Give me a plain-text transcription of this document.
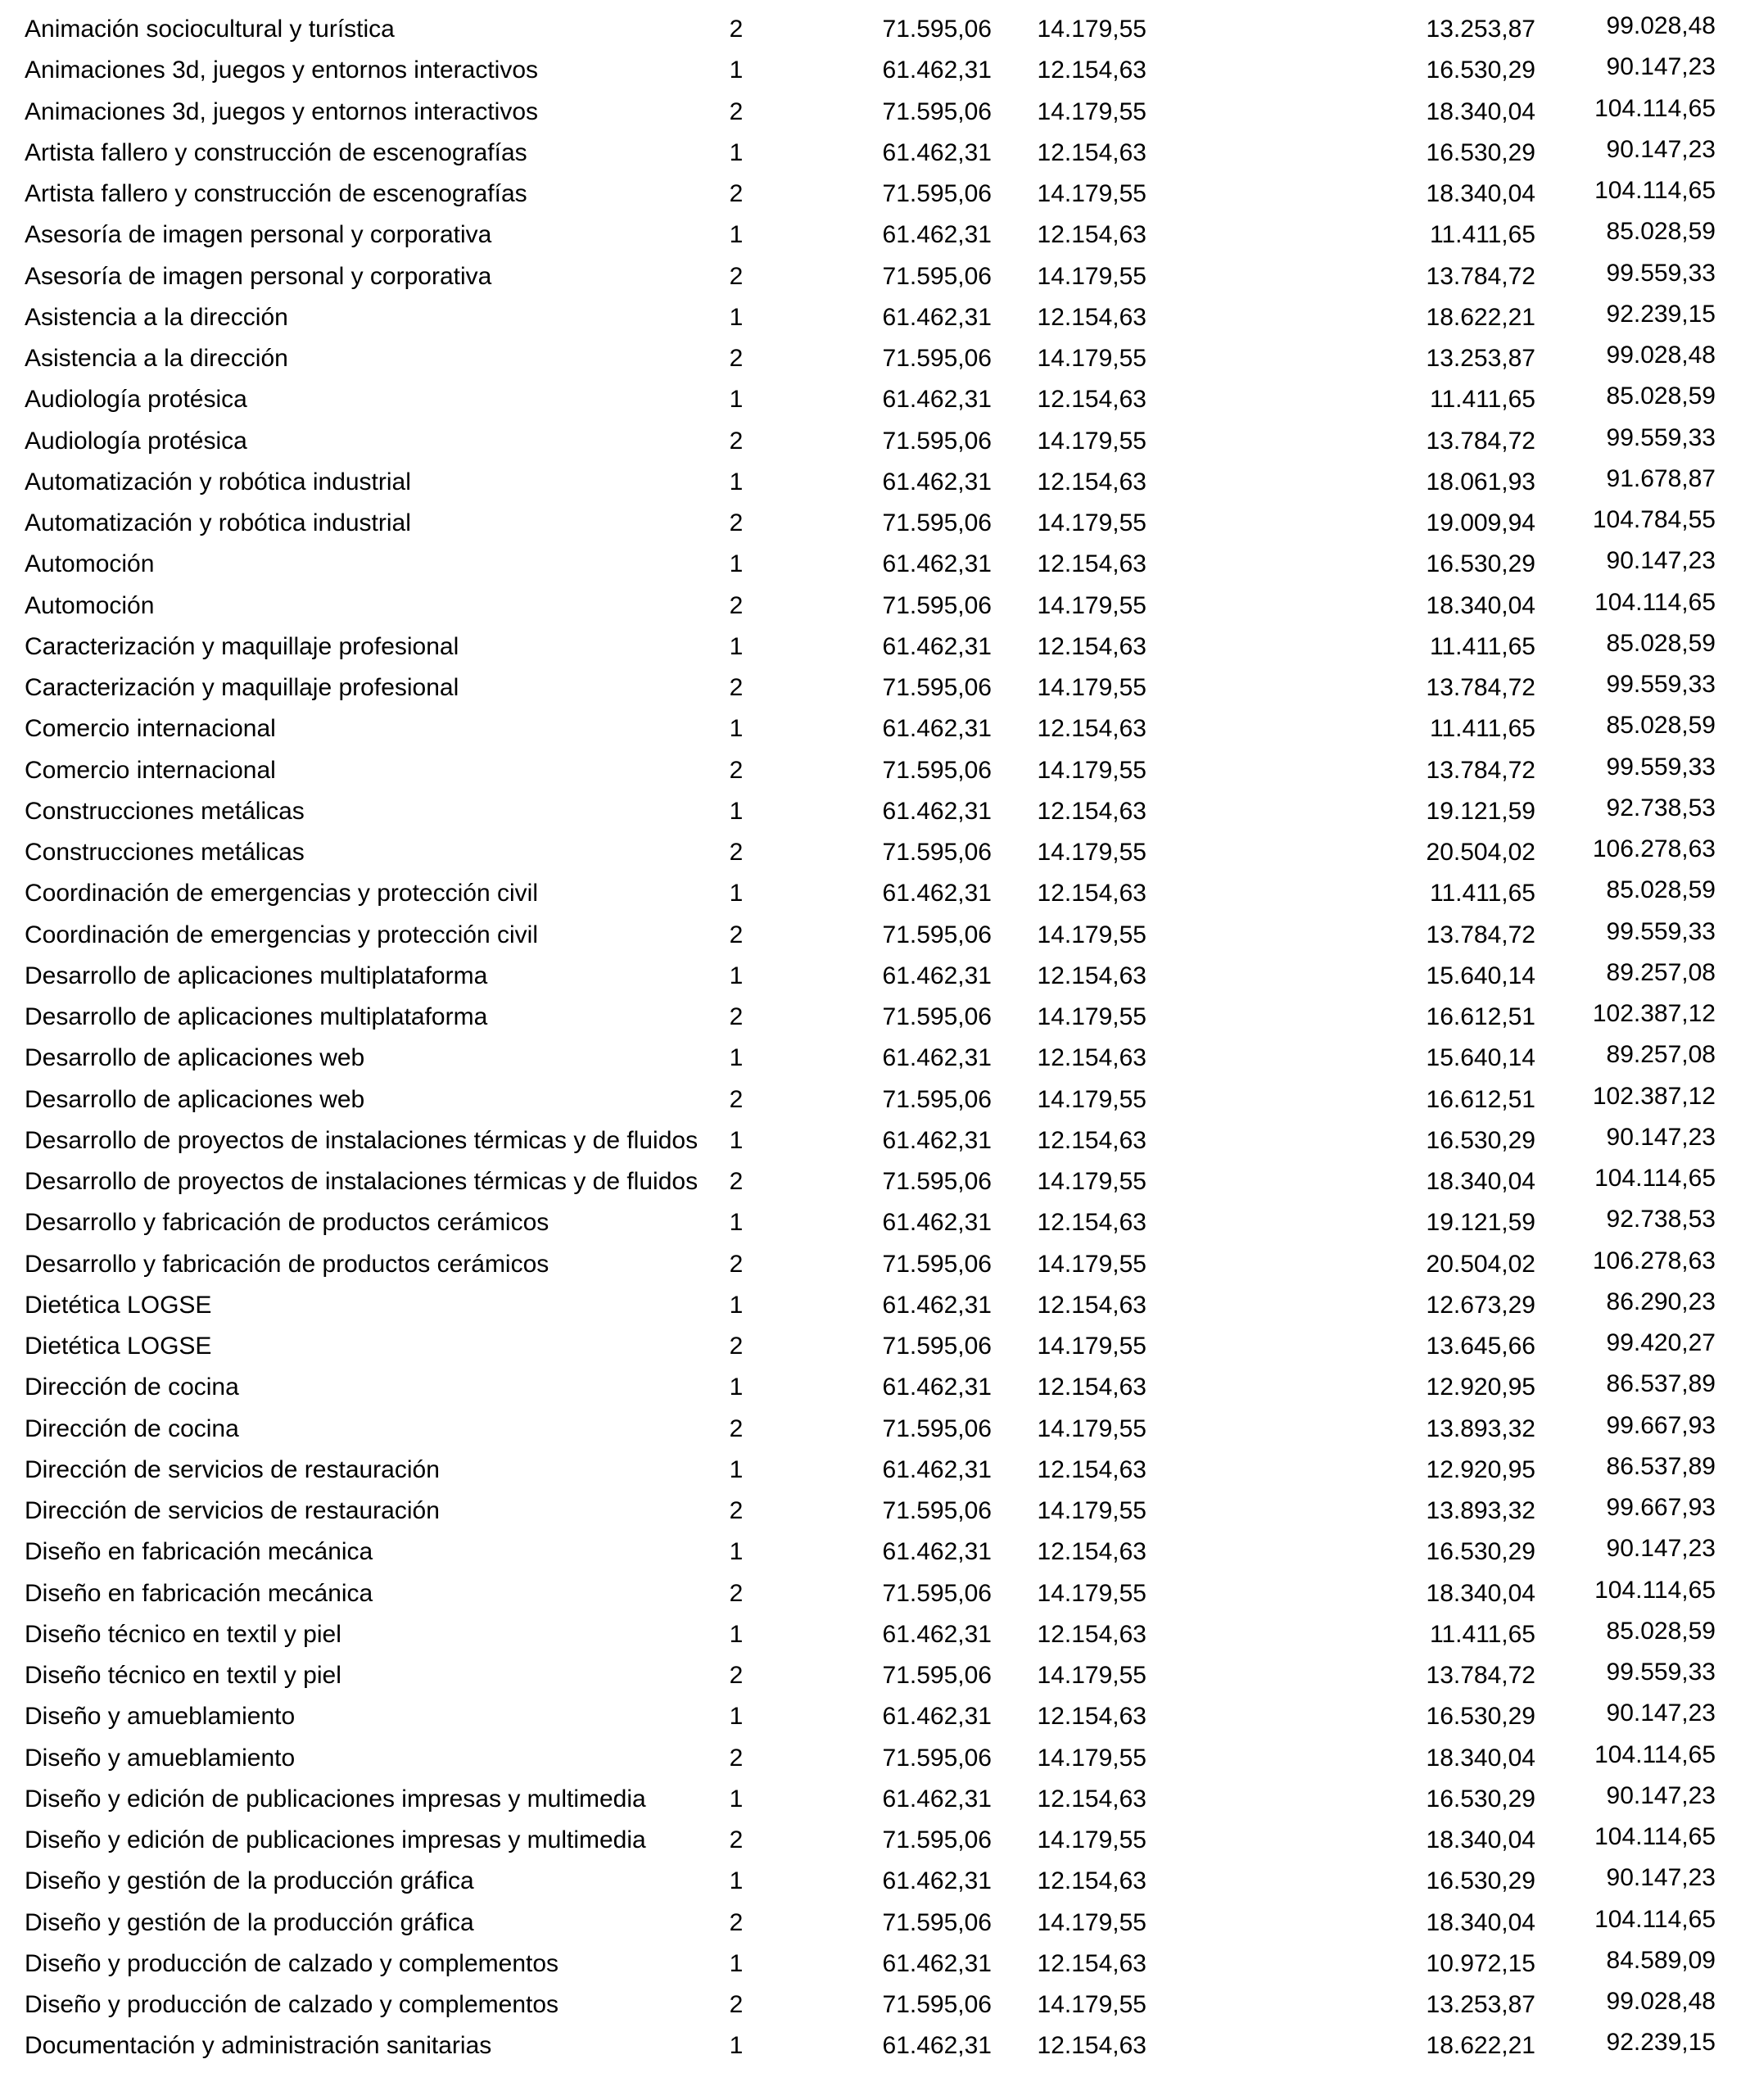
Animación sociocultural y turística	2	71.595,06 14.179,55	13.253,87	99.028,48
Animaciones 3d, juegos y entornos interactivos	1	61.462,31 12.154,63	16.530,29	90.147,23
Animaciones 3d, juegos y entornos interactivos	2	71.595,06 14.179,55	18.340,04 104.114,65
Artista fallero y construcción de escenografías	1	61.462,31 12.154,63	16.530,29	90.147,23
Artista fallero y construcción de escenografías	2	71.595,06 14.179,55	18.340,04 104.114,65
Asesoría de imagen personal y corporativa	1	61.462,31 12.154,63	11.411,65	85.028,59
Asesoría de imagen personal y corporativa	2	71.595,06 14.179,55	13.784,72	99.559,33
Asistencia a la dirección	1	61.462,31 12.154,63	18.622,21	92.239,15
Asistencia a la dirección	2	71.595,06 14.179,55	13.253,87	99.028,48
Audiología protésica	1	61.462,31 12.154,63	11.411,65	85.028,59
Audiología protésica	2	71.595,06 14.179,55	13.784,72	99.559,33
Automatización y robótica industrial	1	61.462,31 12.154,63	18.061,93	91.678,87
Automatización y robótica industrial	2	71.595,06 14.179,55	19.009,94 104.784,55
Automoción	1	61.462,31 12.154,63	16.530,29	90.147,23
Automoción	2	71.595,06 14.179,55	18.340,04 104.114,65
Caracterización y maquillaje profesional	1	61.462,31 12.154,63	11.411,65	85.028,59
Caracterización y maquillaje profesional	2	71.595,06 14.179,55	13.784,72	99.559,33
Comercio internacional	1	61.462,31 12.154,63	11.411,65	85.028,59
Comercio internacional	2	71.595,06 14.179,55	13.784,72	99.559,33
Construcciones metálicas	1	61.462,31 12.154,63	19.121,59	92.738,53
Construcciones metálicas	2	71.595,06 14.179,55	20.504,02 106.278,63
Coordinación de emergencias y protección civil	1	61.462,31 12.154,63	11.411,65	85.028,59
Coordinación de emergencias y protección civil	2	71.595,06 14.179,55	13.784,72	99.559,33
Desarrollo de aplicaciones multiplataforma	1	61.462,31 12.154,63	15.640,14	89.257,08
Desarrollo de aplicaciones multiplataforma	2	71.595,06 14.179,55	16.612,51 102.387,12
Desarrollo de aplicaciones web	1	61.462,31 12.154,63	15.640,14	89.257,08
Desarrollo de aplicaciones web	2	71.595,06 14.179,55	16.612,51 102.387,12
Desarrollo de proyectos de instalaciones térmicas y de fluidos 1	61.462,31 12.154,63	16.530,29	90.147,23
Desarrollo de proyectos de instalaciones térmicas y de fluidos 2	71.595,06 14.179,55	18.340,04 104.114,65
Desarrollo y fabricación de productos cerámicos	1	61.462,31 12.154,63	19.121,59	92.738,53
Desarrollo y fabricación de productos cerámicos	2	71.595,06 14.179,55	20.504,02 106.278,63
Dietética LOGSE	1	61.462,31 12.154,63	12.673,29	86.290,23
Dietética LOGSE	2	71.595,06 14.179,55	13.645,66	99.420,27
Dirección de cocina	1	61.462,31 12.154,63	12.920,95	86.537,89
Dirección de cocina	2	71.595,06 14.179,55	13.893,32	99.667,93
Dirección de servicios de restauración	1	61.462,31 12.154,63	12.920,95	86.537,89
Dirección de servicios de restauración	2	71.595,06 14.179,55	13.893,32	99.667,93
Diseño en fabricación mecánica	1	61.462,31 12.154,63	16.530,29	90.147,23
Diseño en fabricación mecánica	2	71.595,06 14.179,55	18.340,04 104.114,65
Diseño técnico en textil y piel	1	61.462,31 12.154,63	11.411,65	85.028,59
Diseño técnico en textil y piel	2	71.595,06 14.179,55	13.784,72	99.559,33
Diseño y amueblamiento	1	61.462,31 12.154,63	16.530,29	90.147,23
Diseño y amueblamiento	2	71.595,06 14.179,55	18.340,04 104.114,65
Diseño y edición de publicaciones impresas y multimedia	1	61.462,31 12.154,63	16.530,29	90.147,23
Diseño y edición de publicaciones impresas y multimedia	2	71.595,06 14.179,55	18.340,04 104.114,65
Diseño y gestión de la producción gráfica	1	61.462,31 12.154,63	16.530,29	90.147,23
Diseño y gestión de la producción gráfica	2	71.595,06 14.179,55	18.340,04 104.114,65
Diseño y producción de calzado y complementos	1	61.462,31 12.154,63	10.972,15	84.589,09
Diseño y producción de calzado y complementos	2	71.595,06 14.179,55	13.253,87	99.028,48
Documentación y administración sanitarias	1	61.462,31 12.154,63	18.622,21	92.239,15
